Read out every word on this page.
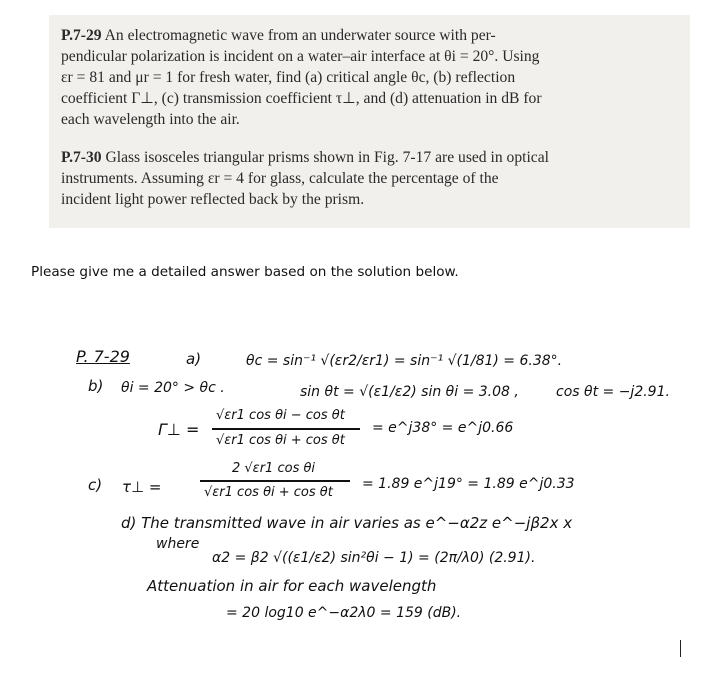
P.7-29 An electromagnetic wave from an underwater source with per-
pendicular polarization is incident on a water–air interface at θi = 20°. Using
εr = 81 and μr = 1 for fresh water, find (a) critical angle θc, (b) reflection
coefficient Γ⊥, (c) transmission coefficient τ⊥, and (d) attenuation in dB for
each wavelength into the air.
P.7-30 Glass isosceles triangular prisms shown in Fig. 7-17 are used in optical
instruments. Assuming εr = 4 for glass, calculate the percentage of the
incident light power reflected back by the prism.
Please give me a detailed answer based on the solution below.
P. 7-29	a)	θc = sin⁻¹ √(εr2/εr1) = sin⁻¹ √(1/81) = 6.38°.
b) θi = 20° > θc .	sin θt = √(ε1/ε2) sin θi = 3.08 ,	cos θt = −j2.91.
Γ⊥ =
√εr1 cos θi − cos θt
√εr1 cos θi + cos θt
= e^j38° = e^j0.66
c) τ⊥ =
2 √εr1 cos θi
√εr1 cos θi + cos θt
= 1.89 e^j19° = 1.89 e^j0.33
d) The transmitted wave in air varies as e^−α2z e^−jβ2x x
where
α2 = β2 √((ε1/ε2) sin²θi − 1) = (2π/λ0) (2.91).
Attenuation in air for each wavelength
= 20 log10 e^−α2λ0 = 159 (dB).
